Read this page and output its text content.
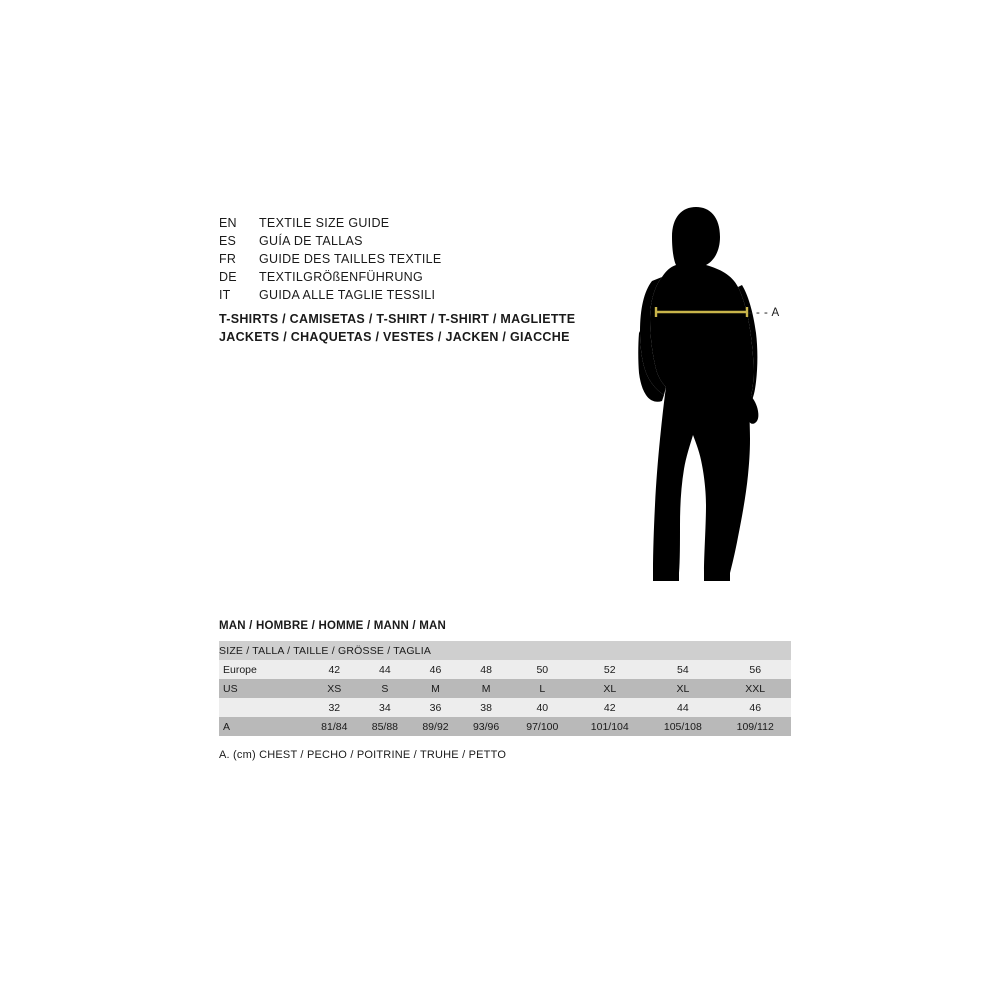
EN	TEXTILE SIZE GUIDE
ES	GUÍA DE TALLAS
FR	GUIDE DES TAILLES TEXTILE
DE	TEXTILGRÖßENFÜHRUNG
IT	GUIDA ALLE TAGLIE TESSILI
T-SHIRTS / CAMISETAS / T-SHIRT / T-SHIRT / MAGLIETTE
JACKETS / CHAQUETAS / VESTES / JACKEN / GIACCHE
- - - A
MAN / HOMBRE / HOMME / MANN / MAN
SIZE / TALLA / TAILLE / GRÖSSE / TAGLIA								
Europe	42	44	46	48	50	52	54	56
US	XS	S	M	M	L	XL	XL	XXL
	32	34	36	38	40	42	44	46
A	81/84	85/88	89/92	93/96	97/100	101/104	105/108	109/112
A. (cm) CHEST / PECHO / POITRINE / TRUHE / PETTO
